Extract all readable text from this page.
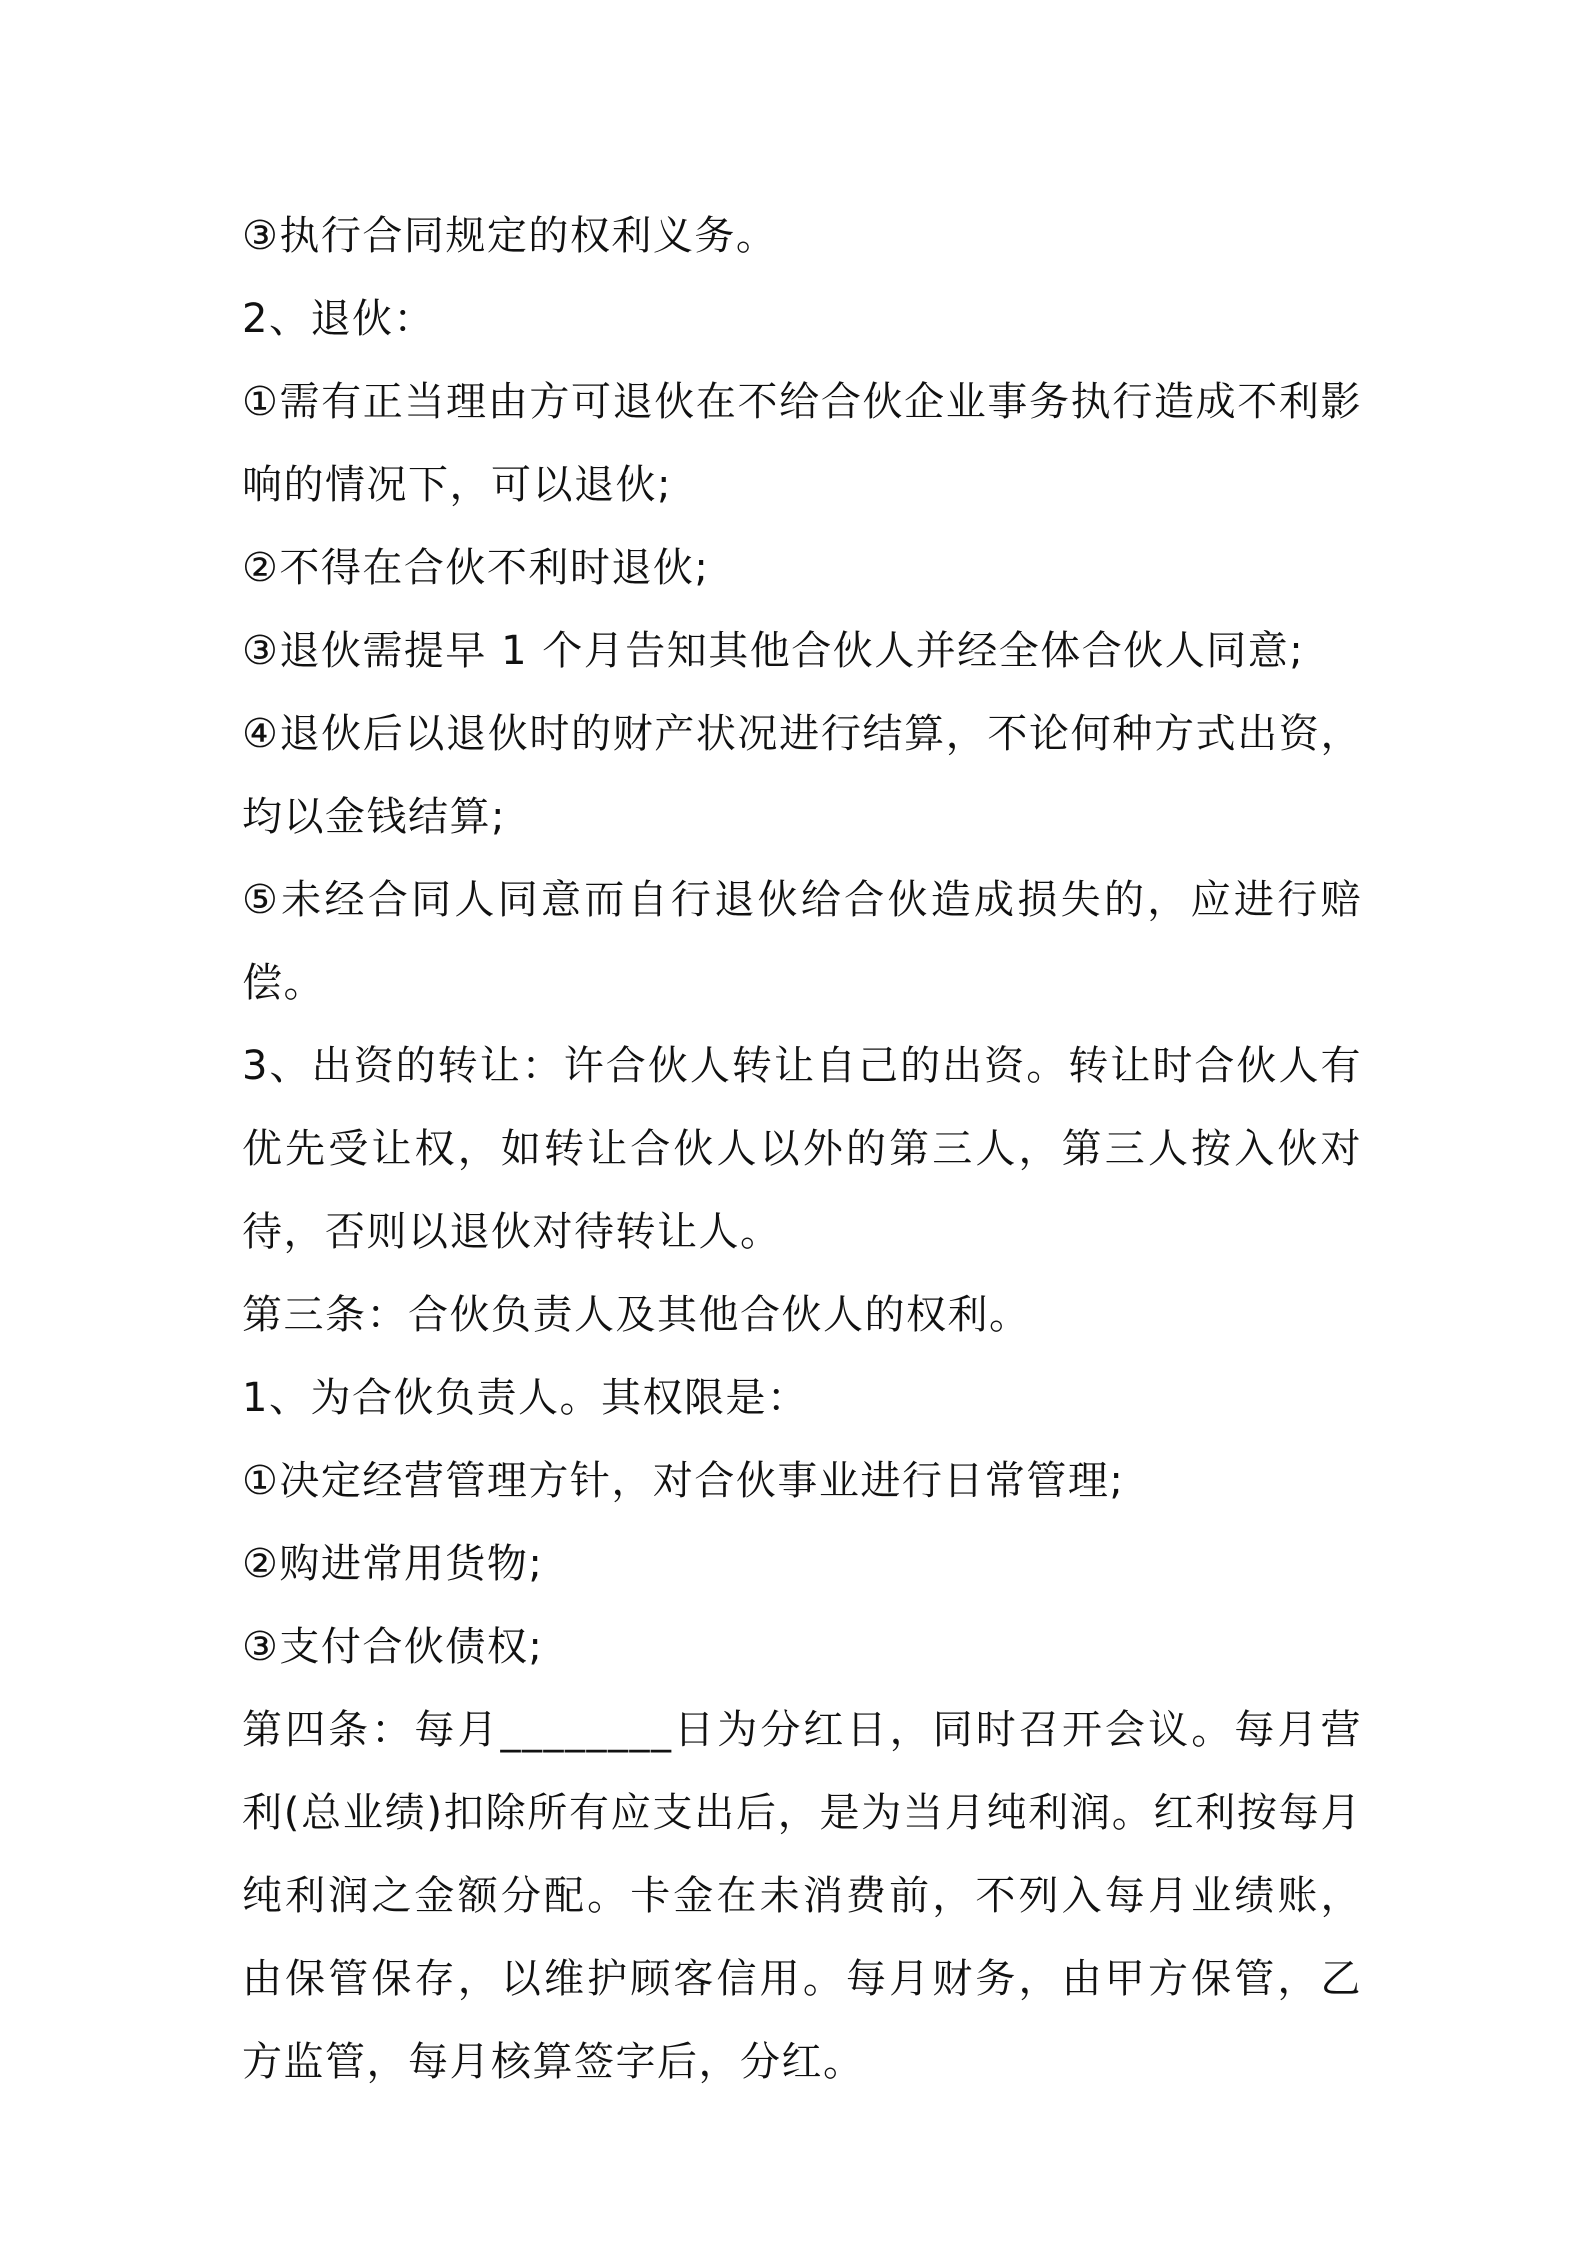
③执行合同规定的权利义务。

2、退伙：

①需有正当理由方可退伙在不给合伙企业事务执行造成不利影响的情况下，可以退伙;

②不得在合伙不利时退伙;

③退伙需提早 1 个月告知其他合伙人并经全体合伙人同意;

④退伙后以退伙时的财产状况进行结算，不论何种方式出资，均以金钱结算;

⑤未经合同人同意而自行退伙给合伙造成损失的，应进行赔偿。

3、出资的转让：许合伙人转让自己的出资。转让时合伙人有优先受让权，如转让合伙人以外的第三人，第三人按入伙对待，否则以退伙对待转让人。

第三条：合伙负责人及其他合伙人的权利。

1、为合伙负责人。其权限是：

①决定经营管理方针，对合伙事业进行日常管理;

②购进常用货物;

③支付合伙债权;

第四条：每月________日为分红日，同时召开会议。每月营利(总业绩)扣除所有应支出后，是为当月纯利润。红利按每月纯利润之金额分配。卡金在未消费前，不列入每月业绩账，由保管保存，以维护顾客信用。每月财务，由甲方保管，乙方监管，每月核算签字后，分红。
